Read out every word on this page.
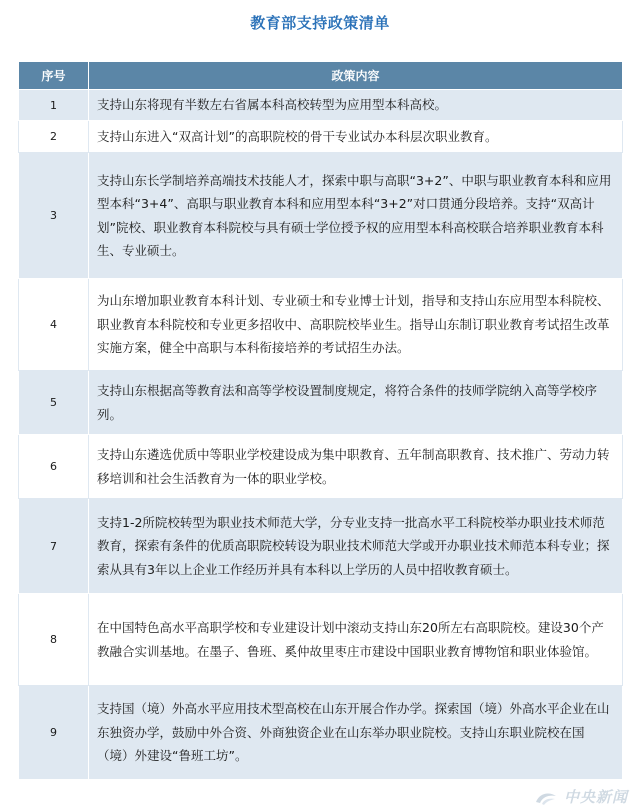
教育部支持政策清单
序号	政策内容
1	支持山东将现有半数左右省属本科高校转型为应用型本科高校。
2	支持山东进入“双高计划”的高职院校的骨干专业试办本科层次职业教育。
3	支持山东长学制培养高端技术技能人才，探索中职与高职“3+2”、中职与职业教育本科和应用型本科“3+4”、高职与职业教育本科和应用型本科“3+2”对口贯通分段培养。支持“双高计划”院校、职业教育本科院校与具有硕士学位授予权的应用型本科高校联合培养职业教育本科生、专业硕士。
4	为山东增加职业教育本科计划、专业硕士和专业博士计划，指导和支持山东应用型本科院校、职业教育本科院校和专业更多招收中、高职院校毕业生。指导山东制订职业教育考试招生改革实施方案，健全中高职与本科衔接培养的考试招生办法。
5	支持山东根据高等教育法和高等学校设置制度规定，将符合条件的技师学院纳入高等学校序列。
6	支持山东遴选优质中等职业学校建设成为集中职教育、五年制高职教育、技术推广、劳动力转移培训和社会生活教育为一体的职业学校。
7	支持1-2所院校转型为职业技术师范大学，分专业支持一批高水平工科院校举办职业技术师范教育，探索有条件的优质高职院校转设为职业技术师范大学或开办职业技术师范本科专业；探索从具有3年以上企业工作经历并具有本科以上学历的人员中招收教育硕士。
8	在中国特色高水平高职学校和专业建设计划中滚动支持山东20所左右高职院校。建设30个产教融合实训基地。在墨子、鲁班、奚仲故里枣庄市建设中国职业教育博物馆和职业体验馆。
9	支持国（境）外高水平应用技术型高校在山东开展合作办学。探索国（境）外高水平企业在山东独资办学，鼓励中外合资、外商独资企业在山东举办职业院校。支持山东职业院校在国（境）外建设“鲁班工坊”。
中央新闻
